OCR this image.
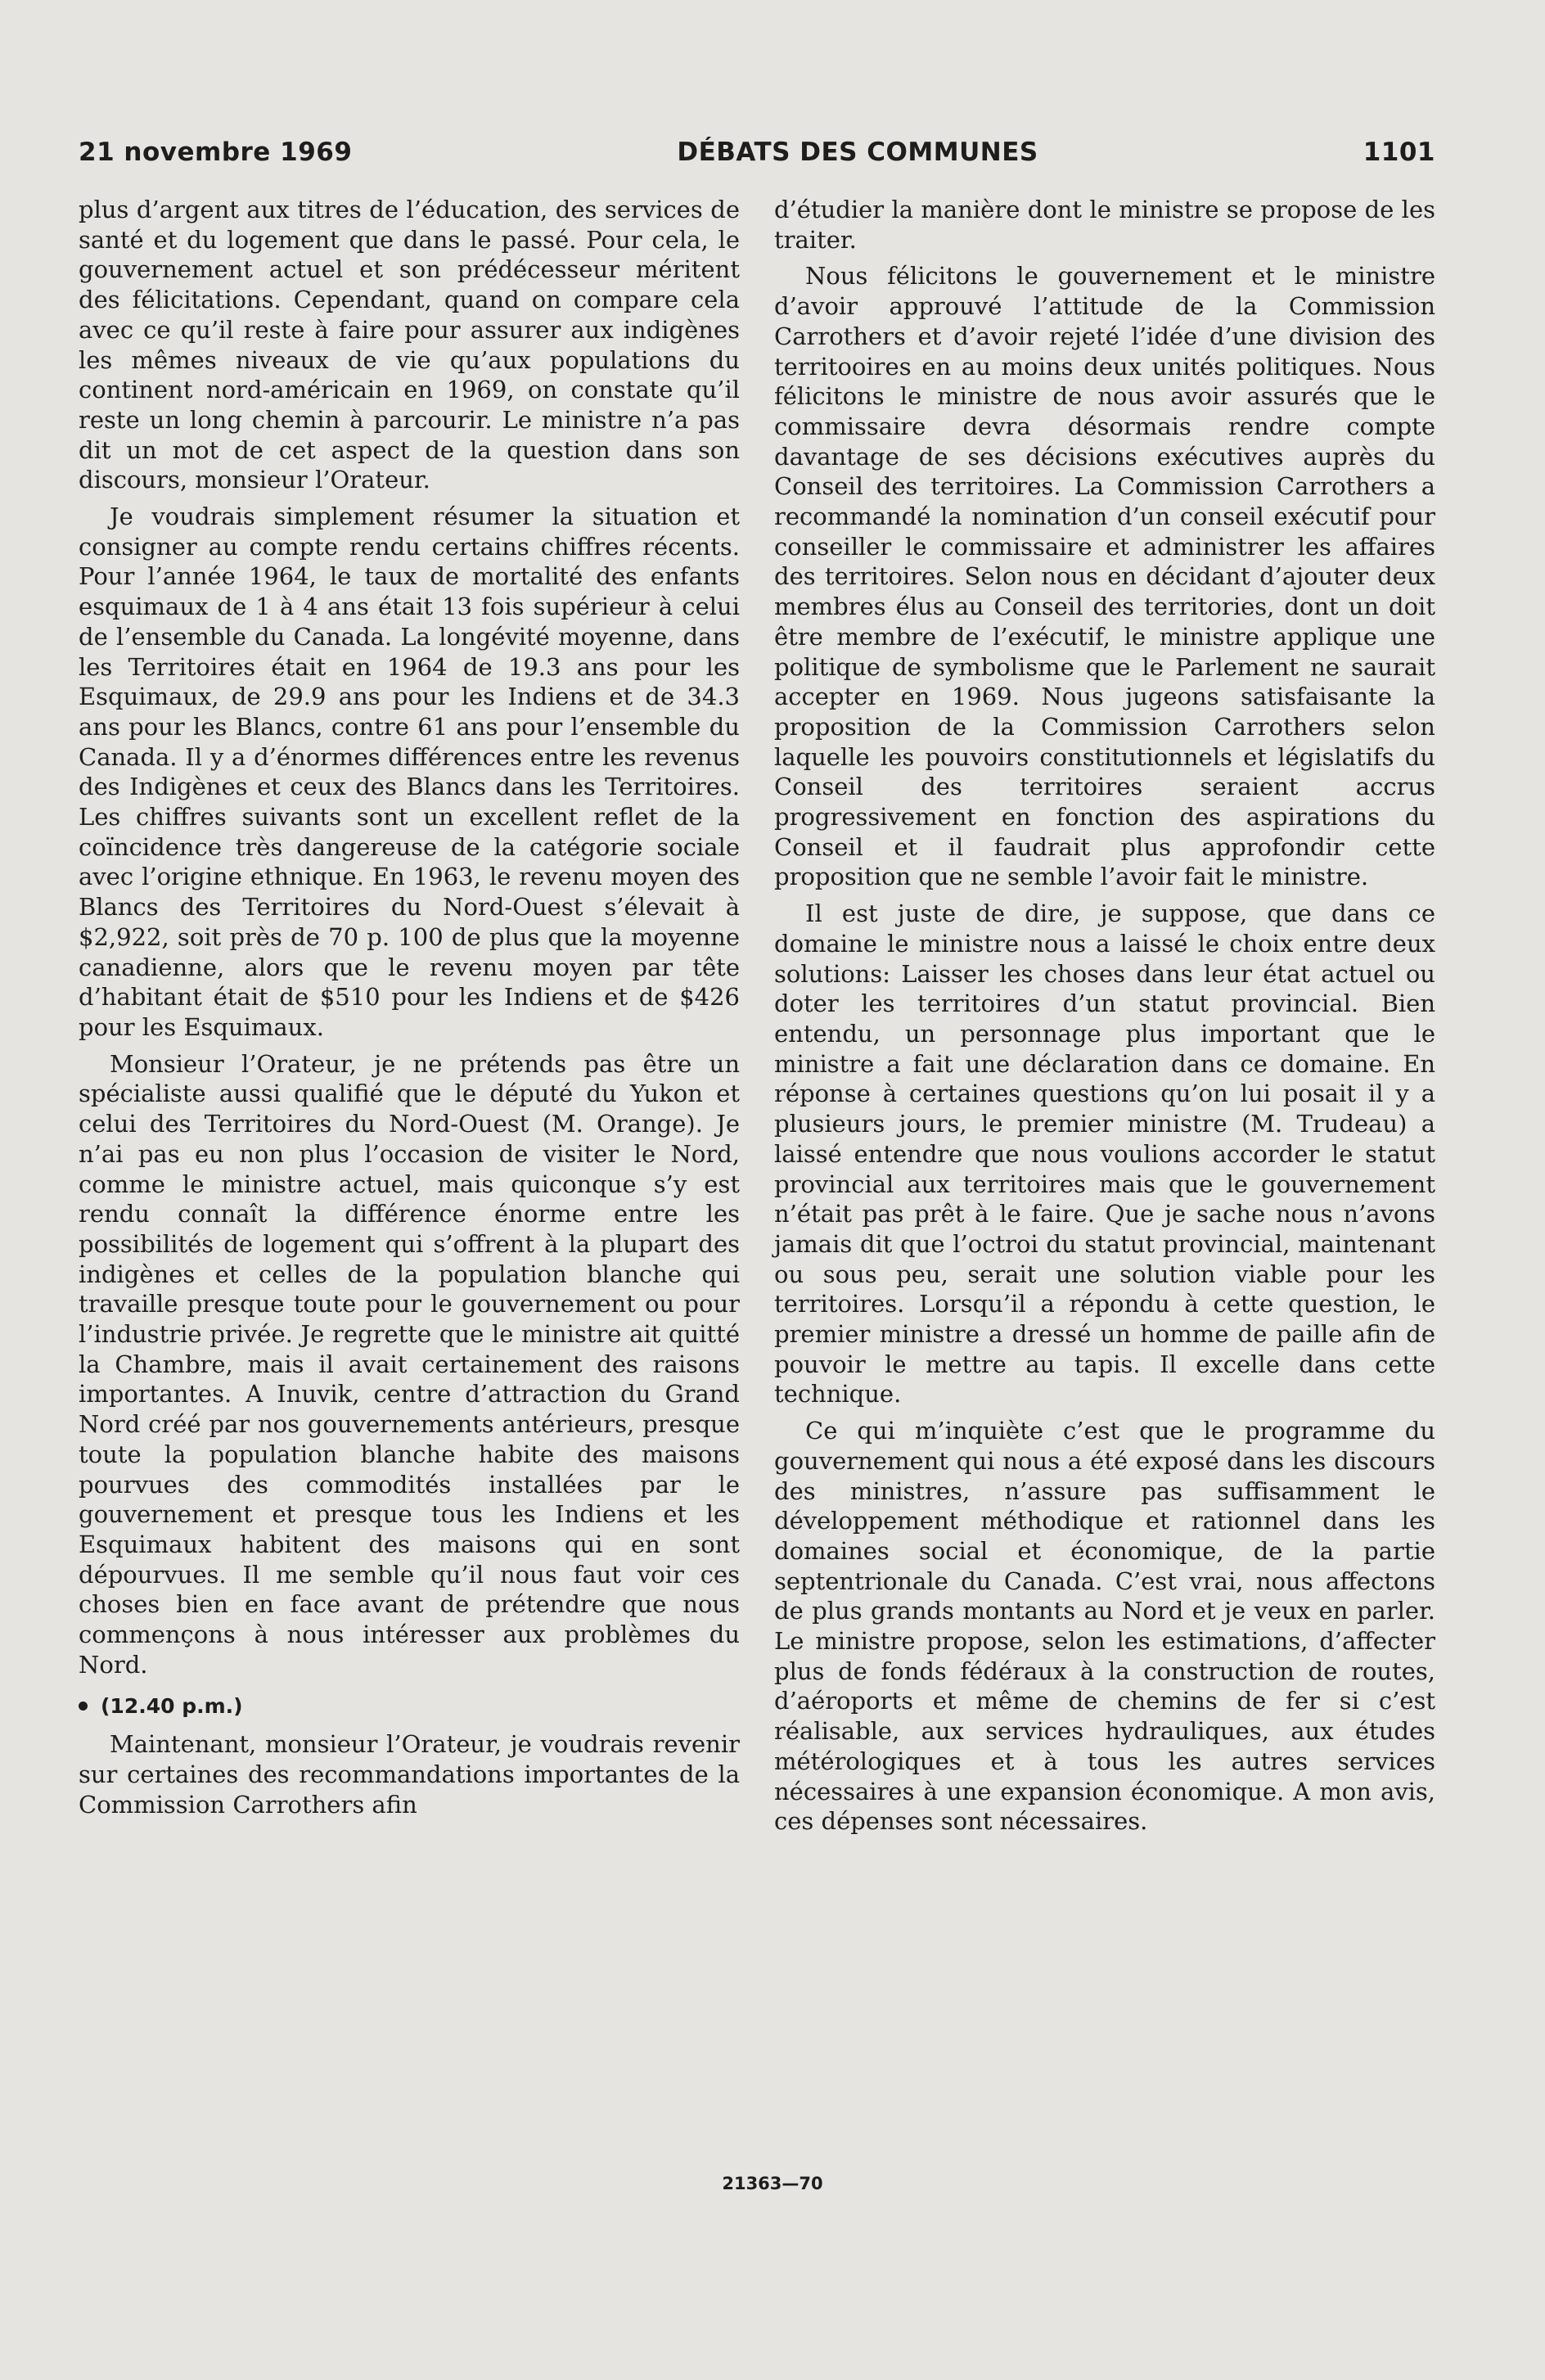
21 novembre 1969	DÉBATS DES COMMUNES	1101

plus d’argent aux titres de l’éducation, des services de santé et du logement que dans le passé. Pour cela, le gouvernement actuel et son prédécesseur méritent des félicitations. Cependant, quand on compare cela avec ce qu’il reste à faire pour assurer aux indigènes les mêmes niveaux de vie qu’aux populations du continent nord-américain en 1969, on constate qu’il reste un long chemin à parcourir. Le ministre n’a pas dit un mot de cet aspect de la question dans son discours, monsieur l’Orateur.

Je voudrais simplement résumer la situation et consigner au compte rendu certains chiffres récents. Pour l’année 1964, le taux de mortalité des enfants esquimaux de 1 à 4 ans était 13 fois supérieur à celui de l’ensemble du Canada. La longévité moyenne, dans les Territoires était en 1964 de 19.3 ans pour les Esquimaux, de 29.9 ans pour les Indiens et de 34.3 ans pour les Blancs, contre 61 ans pour l’ensemble du Canada. Il y a d’énormes différences entre les revenus des Indigènes et ceux des Blancs dans les Territoires. Les chiffres suivants sont un excellent reflet de la coïncidence très dangereuse de la catégorie sociale avec l’origine ethnique. En 1963, le revenu moyen des Blancs des Territoires du Nord-Ouest s’élevait à $2,922, soit près de 70 p. 100 de plus que la moyenne canadienne, alors que le revenu moyen par tête d’habitant était de $510 pour les Indiens et de $426 pour les Esquimaux.

Monsieur l’Orateur, je ne prétends pas être un spécialiste aussi qualifié que le député du Yukon et celui des Territoires du Nord-Ouest (M. Orange). Je n’ai pas eu non plus l’occasion de visiter le Nord, comme le ministre actuel, mais quiconque s’y est rendu connaît la différence énorme entre les possibilités de logement qui s’offrent à la plupart des indigènes et celles de la population blanche qui travaille presque toute pour le gouvernement ou pour l’industrie privée. Je regrette que le ministre ait quitté la Chambre, mais il avait certainement des raisons importantes. A Inuvik, centre d’attraction du Grand Nord créé par nos gouvernements antérieurs, presque toute la population blanche habite des maisons pourvues des commodités installées par le gouvernement et presque tous les Indiens et les Esquimaux habitent des maisons qui en sont dépourvues. Il me semble qu’il nous faut voir ces choses bien en face avant de prétendre que nous commençons à nous intéresser aux problèmes du Nord.

(12.40 p.m.)

Maintenant, monsieur l’Orateur, je voudrais revenir sur certaines des recommandations importantes de la Commission Carrothers afin

d’étudier la manière dont le ministre se propose de les traiter.

Nous félicitons le gouvernement et le ministre d’avoir approuvé l’attitude de la Commission Carrothers et d’avoir rejeté l’idée d’une division des territooires en au moins deux unités politiques. Nous félicitons le ministre de nous avoir assurés que le commissaire devra désormais rendre compte davantage de ses décisions exécutives auprès du Conseil des territoires. La Commission Carrothers a recommandé la nomination d’un conseil exécutif pour conseiller le commissaire et administrer les affaires des territoires. Selon nous en décidant d’ajouter deux membres élus au Conseil des territories, dont un doit être membre de l’exécutif, le ministre applique une politique de symbolisme que le Parlement ne saurait accepter en 1969. Nous jugeons satisfaisante la proposition de la Commission Carrothers selon laquelle les pouvoirs constitutionnels et législatifs du Conseil des territoires seraient accrus progressivement en fonction des aspirations du Conseil et il faudrait plus approfondir cette proposition que ne semble l’avoir fait le ministre.

Il est juste de dire, je suppose, que dans ce domaine le ministre nous a laissé le choix entre deux solutions: Laisser les choses dans leur état actuel ou doter les territoires d’un statut provincial. Bien entendu, un personnage plus important que le ministre a fait une déclaration dans ce domaine. En réponse à certaines questions qu’on lui posait il y a plusieurs jours, le premier ministre (M. Trudeau) a laissé entendre que nous voulions accorder le statut provincial aux territoires mais que le gouvernement n’était pas prêt à le faire. Que je sache nous n’avons jamais dit que l’octroi du statut provincial, maintenant ou sous peu, serait une solution viable pour les territoires. Lorsqu’il a répondu à cette question, le premier ministre a dressé un homme de paille afin de pouvoir le mettre au tapis. Il excelle dans cette technique.

Ce qui m’inquiète c’est que le programme du gouvernement qui nous a été exposé dans les discours des ministres, n’assure pas suffisamment le développement méthodique et rationnel dans les domaines social et économique, de la partie septentrionale du Canada. C’est vrai, nous affectons de plus grands montants au Nord et je veux en parler. Le ministre propose, selon les estimations, d’affecter plus de fonds fédéraux à la construction de routes, d’aéroports et même de chemins de fer si c’est réalisable, aux services hydrauliques, aux études métérologiques et à tous les autres services nécessaires à une expansion économique. A mon avis, ces dépenses sont nécessaires.

21363—70
